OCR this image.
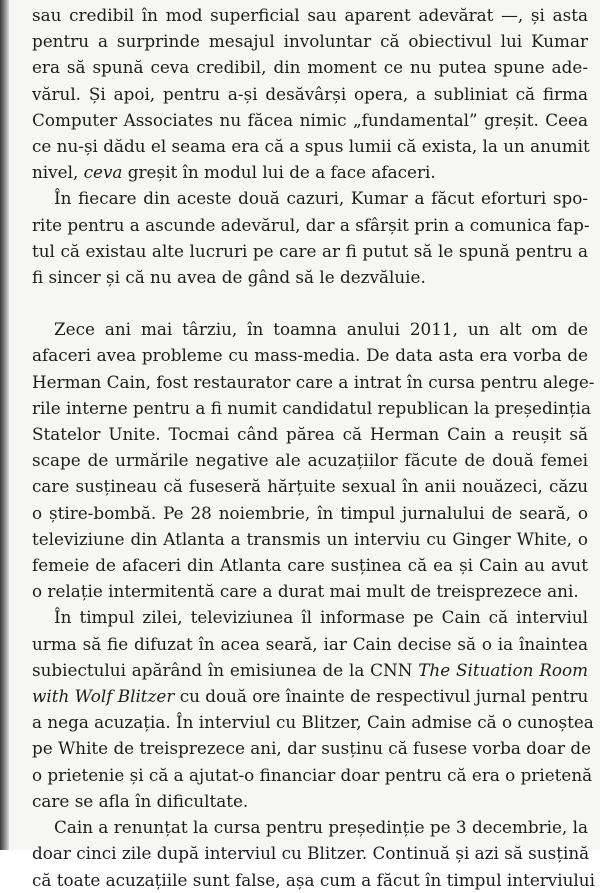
sau credibil în mod superficial sau aparent adevărat —, și asta
pentru a surprinde mesajul involuntar că obiectivul lui Kumar
era să spună ceva credibil, din moment ce nu putea spune ade-
vărul. Și apoi, pentru a-și desăvârși opera, a subliniat că firma
Computer Associates nu făcea nimic „fundamental” greșit. Ceea
ce nu-și dădu el seama era că a spus lumii că exista, la un anumit
nivel, ceva greșit în modul lui de a face afaceri.
În fiecare din aceste două cazuri, Kumar a făcut eforturi spo-
rite pentru a ascunde adevărul, dar a sfârșit prin a comunica fap-
tul că existau alte lucruri pe care ar fi putut să le spună pentru a
fi sincer și că nu avea de gând să le dezvăluie.
Zece ani mai târziu, în toamna anului 2011, un alt om de
afaceri avea probleme cu mass-media. De data asta era vorba de
Herman Cain, fost restaurator care a intrat în cursa pentru alege-
rile interne pentru a fi numit candidatul republican la președinția
Statelor Unite. Tocmai când părea că Herman Cain a reușit să
scape de urmările negative ale acuzațiilor făcute de două femei
care susțineau că fuseseră hărțuite sexual în anii nouăzeci, căzu
o știre-bombă. Pe 28 noiembrie, în timpul jurnalului de seară, o
televiziune din Atlanta a transmis un interviu cu Ginger White, o
femeie de afaceri din Atlanta care susținea că ea și Cain au avut
o relație intermitentă care a durat mai mult de treisprezece ani.
În timpul zilei, televiziunea îl informase pe Cain că interviul
urma să fie difuzat în acea seară, iar Cain decise să o ia înaintea
subiectului apărând în emisiunea de la CNN The Situation Room
with Wolf Blitzer cu două ore înainte de respectivul jurnal pentru
a nega acuzația. În interviul cu Blitzer, Cain admise că o cunoștea
pe White de treisprezece ani, dar susținu că fusese vorba doar de
o prietenie și că a ajutat-o financiar doar pentru că era o prietenă
care se afla în dificultate.
Cain a renunțat la cursa pentru președinție pe 3 decembrie, la
doar cinci zile după interviul cu Blitzer. Continuă și azi să susțină
că toate acuzațiile sunt false, așa cum a făcut în timpul interviului
